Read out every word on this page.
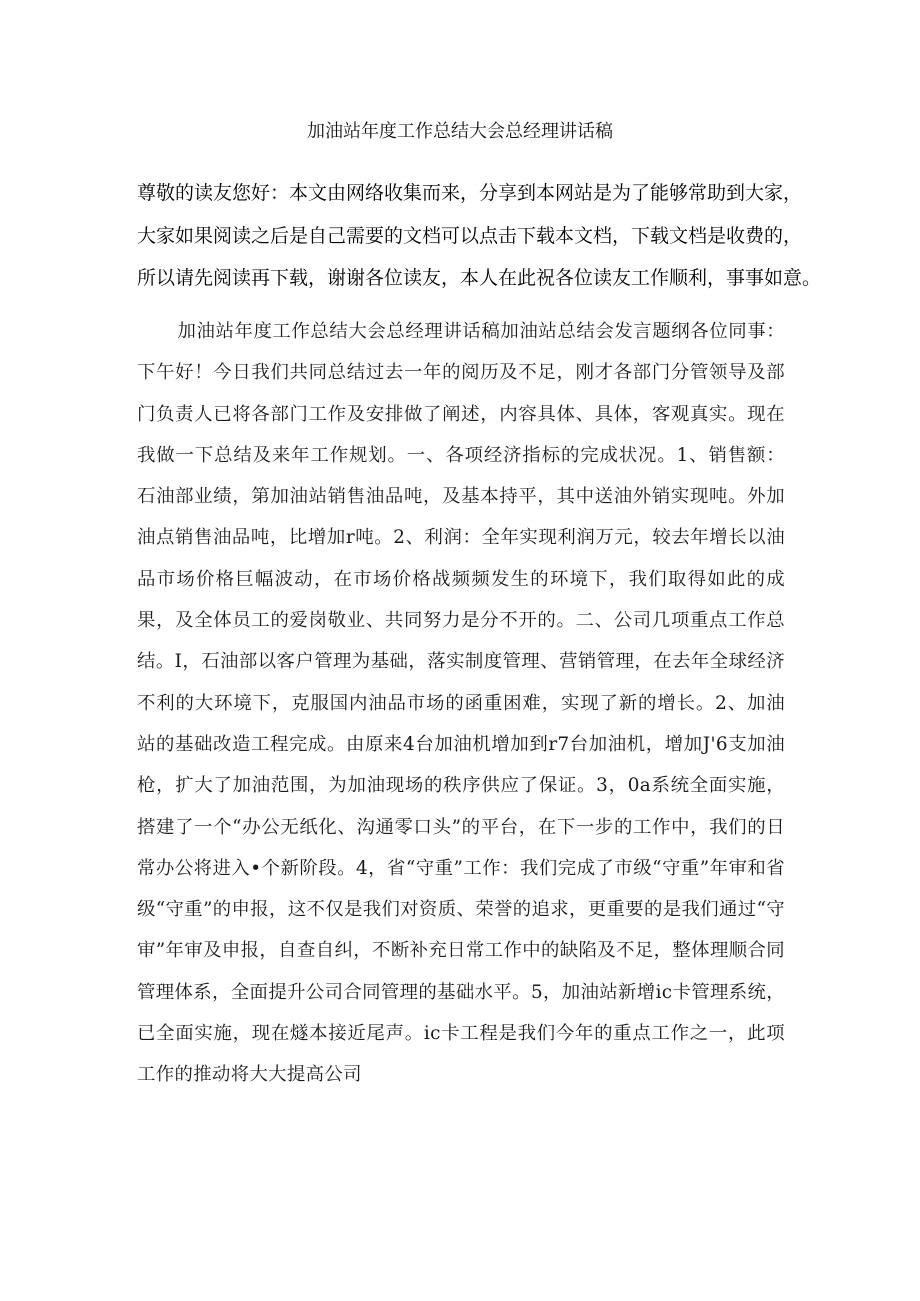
加油站年度工作总结大会总经理讲话稿
尊敬的读友您好：本文由网络收集而来，分享到本网站是为了能够常助到大家，
大家如果阅读之后是自己需要的文档可以点击下载本文档，下载文档是收费的，
所以请先阅读再下载，谢谢各位读友，本人在此祝各位读友工作顺利，事事如意。

加油站年度工作总结大会总经理讲话稿加油站总结会发言题纲各位同事：下午好！今日我们共同总结过去一年的阅历及不足，刚才各部门分管领导及部门负责人已将各部门工作及安排做了阐述，内容具体、具体，客观真实。现在我做一下总结及来年工作规划。一、各项经济指标的完成状况。1、销售额：石油部业绩，第加油站销售油品吨，及基本持平，其中送油外销实现吨。外加油点销售油品吨，比增加r吨。2、利润：全年实现利润万元，较去年增长以油品市场价格巨幅波动，在市场价格战频频发生的环境下，我们取得如此的成果，及全体员工的爱岗敬业、共同努力是分不开的。二、公司几项重点工作总结。I，石油部以客户管理为基础，落实制度管理、营销管理，在去年全球经济不利的大环境下，克服国内油品市场的函重困难，实现了新的增长。2、加油站的基础改造工程完成。由原来4台加油机增加到r7台加油机，增加J'6支加油枪，扩大了加油范围，为加油现场的秩序供应了保证。3，0a系统全面实施，搭建了一个“办公无纸化、沟通零口头”的平台，在下一步的工作中，我们的日常办公将进入•个新阶段。4，省“守重”工作：我们完成了市级“守重”年审和省级“守重”的申报，这不仅是我们对资质、荣誉的追求，更重要的是我们通过“守审”年审及申报，自查自纠，不断补充日常工作中的缺陷及不足，整体理顺合同管理体系，全面提升公司合同管理的基础水平。5，加油站新增ic卡管理系统，已全面实施，现在燧本接近尾声。ic卡工程是我们今年的重点工作之一，此项工作的推动将大大提高公司
